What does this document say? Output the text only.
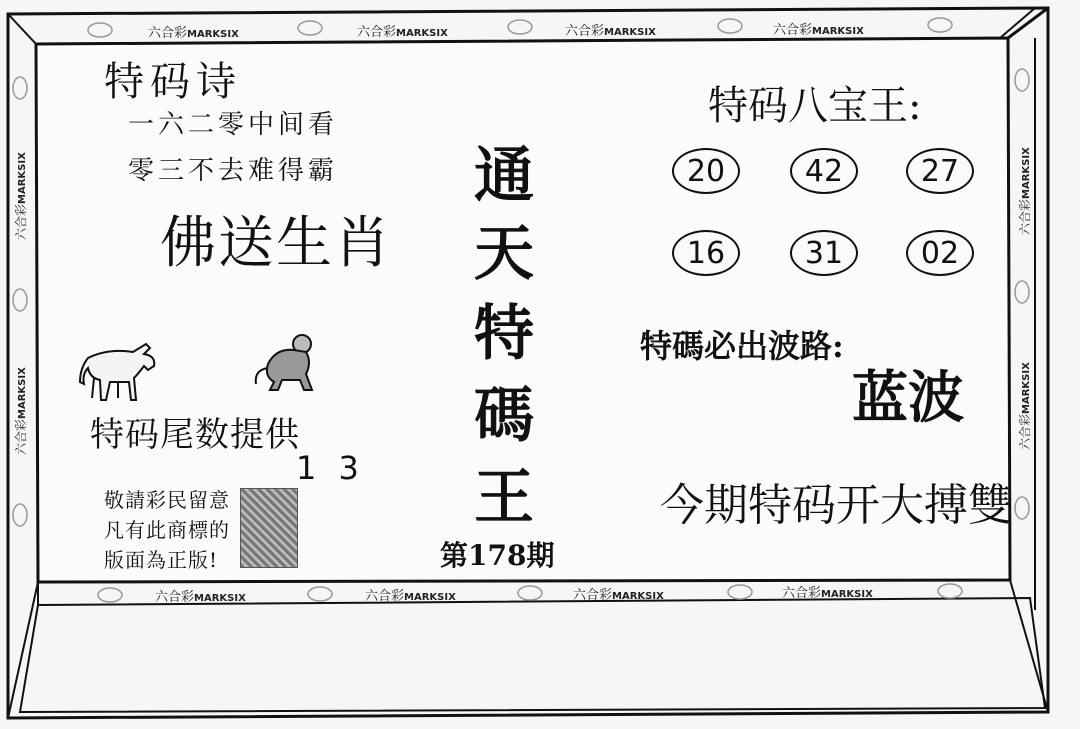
六合彩MARKSIX	六合彩MARKSIX	六合彩MARKSIX	六合彩MARKSIX
六合彩MARKSIX	六合彩MARKSIX	六合彩MARKSIX	六合彩MARKSIX
六合彩MARKSIX
六合彩MARKSIX
六合彩MARKSIX
六合彩MARKSIX
特码诗
一六二零中间看
零三不去难得霸
佛送生肖
特码尾数提供
1 3
敬請彩民留意
凡有此商標的
版面為正版!
通
天
特
碼
王
第178期
特码八宝王:
20	42	27
16	31	02
特碼必出波路:
蓝波
今期特码开大搏雙
